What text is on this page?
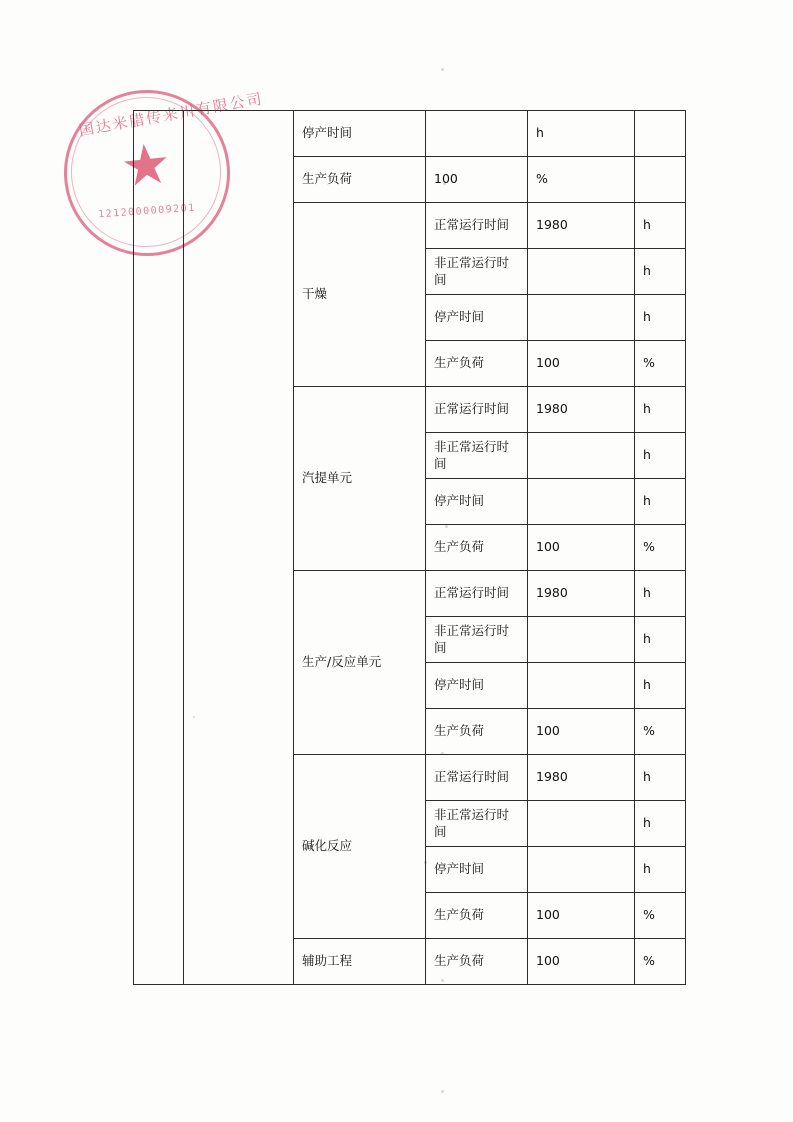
国达米腊传来川有限公司
★
1212000009201
		停产时间		h		
		生产负荷	100	%		
		干燥	正常运行时间	1980	h	
			非正常运行时间		h	
			停产时间		h	
			生产负荷	100	%	
		汽提单元	正常运行时间	1980	h	
			非正常运行时间		h	
			停产时间		h	
			生产负荷	100	%	
		生产/反应单元	正常运行时间	1980	h	
			非正常运行时间		h	
			停产时间		h	
			生产负荷	100	%	
		碱化反应	正常运行时间	1980	h	
			非正常运行时间		h	
			停产时间		h	
			生产负荷	100	%	
		辅助工程	生产负荷	100	%	
